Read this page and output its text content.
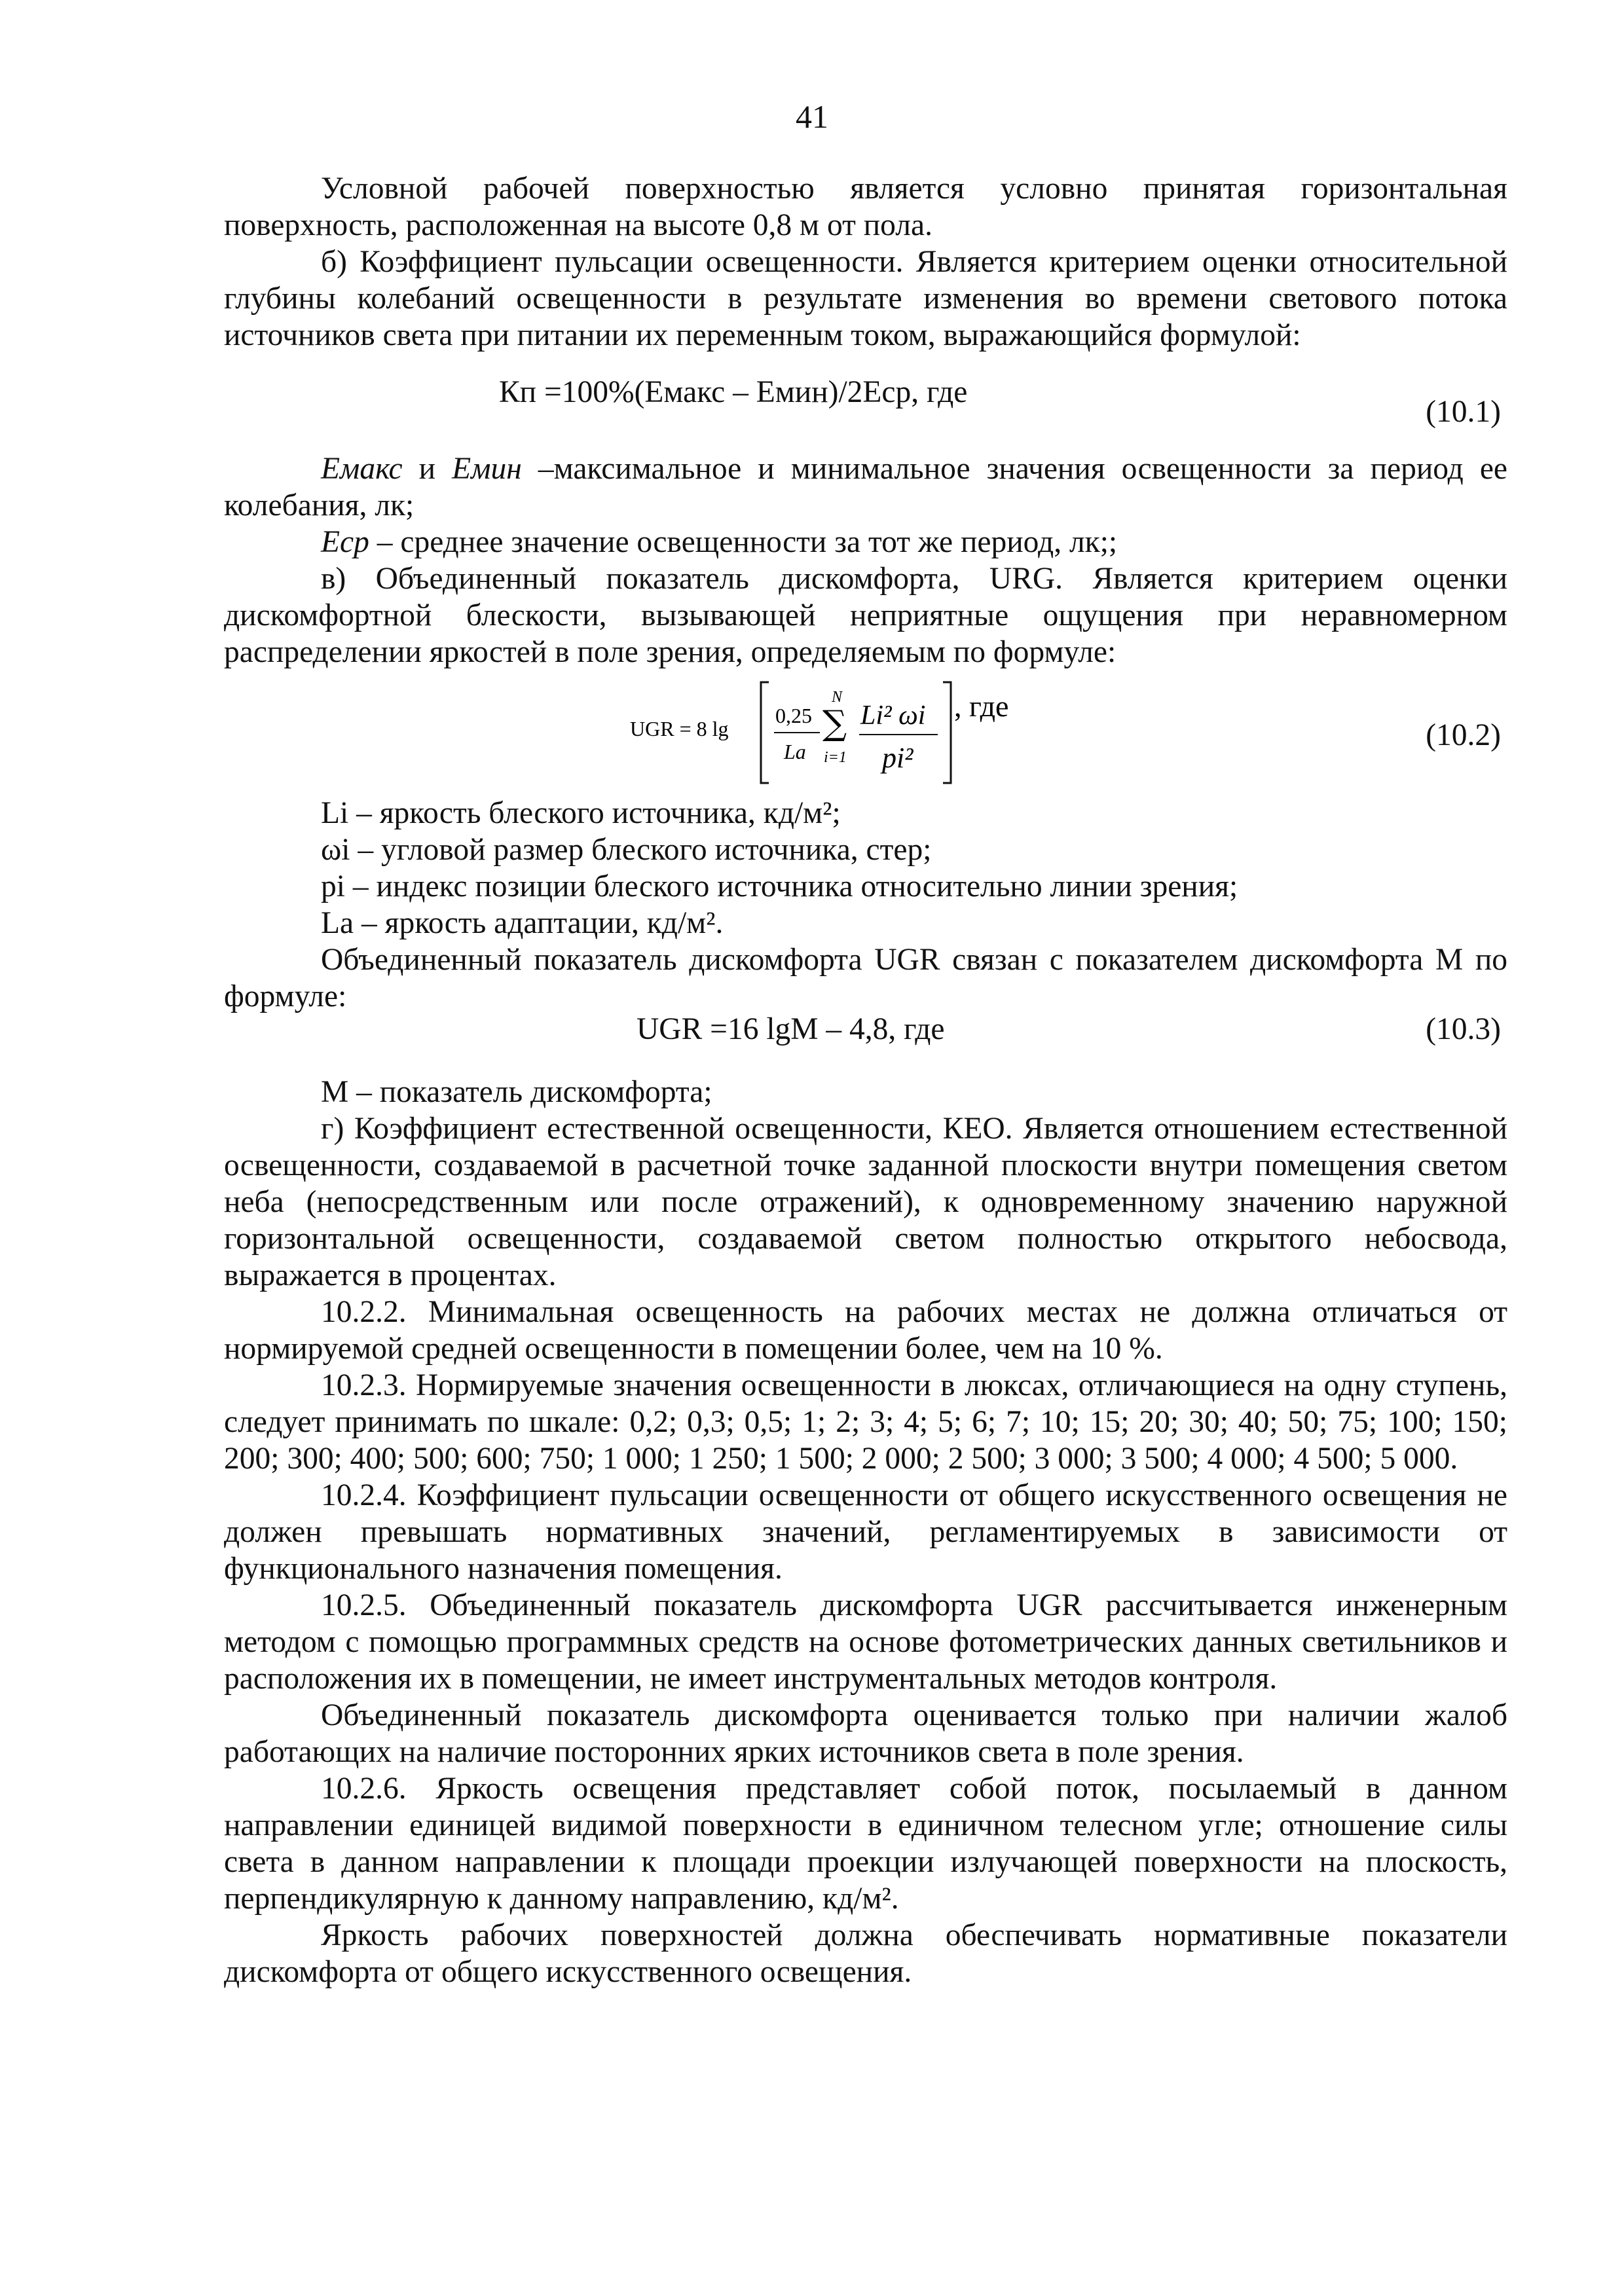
41

Условной рабочей поверхностью является условно принятая горизонтальная поверхность, расположенная на высоте 0,8 м от пола.

б) Коэффициент пульсации освещенности. Является критерием оценки относительной глубины колебаний освещенности в результате изменения во времени светового потока источников света при питании их переменным током, выражающийся формулой:

Кп =100%(Eмакс – Eмин)/2Eср, где
(10.1)

Eмакс и Eмин –максимальное и минимальное значения освещенности за период ее колебания, лк;

Eср – среднее значение освещенности за тот же период, лк;;

в) Объединенный показатель дискомфорта, URG. Является критерием оценки дискомфортной блескости, вызывающей неприятные ощущения при неравномерном распределении яркостей в поле зрения, определяемым по формуле:

UGR = 8 lg
0,25
La
N
∑
i=1
Li² ωi
pi²
, где
(10.2)
Li – яркость блеского источника, кд/м²;
ωi – угловой размер блеского источника, стер;
pi – индекс позиции блеского источника относительно линии зрения;
La – яркость адаптации, кд/м².

Объединенный показатель дискомфорта UGR связан с показателем дискомфорта M по формуле:

UGR =16 lgM – 4,8, где	(10.3)
M – показатель дискомфорта;

г) Коэффициент естественной освещенности, КЕО. Является отношением естественной освещенности, создаваемой в расчетной точке заданной плоскости внутри помещения светом неба (непосредственным или после отражений), к одновременному значению наружной горизонтальной освещенности, создаваемой светом полностью открытого небосвода, выражается в процентах.

10.2.2. Минимальная освещенность на рабочих местах не должна отличаться от нормируемой средней освещенности в помещении более, чем на 10 %.

10.2.3. Нормируемые значения освещенности в люксах, отличающиеся на одну ступень, следует принимать по шкале: 0,2; 0,3; 0,5; 1; 2; 3; 4; 5; 6; 7; 10; 15; 20; 30; 40; 50; 75; 100; 150; 200; 300; 400; 500; 600; 750; 1 000; 1 250; 1 500; 2 000; 2 500; 3 000; 3 500; 4 000; 4 500; 5 000.

10.2.4. Коэффициент пульсации освещенности от общего искусственного освещения не должен превышать нормативных значений, регламентируемых в зависимости от функционального назначения помещения.

10.2.5. Объединенный показатель дискомфорта UGR рассчитывается инженерным методом с помощью программных средств на основе фотометрических данных светильников и расположения их в помещении, не имеет инструментальных методов контроля.

Объединенный показатель дискомфорта оценивается только при наличии жалоб работающих на наличие посторонних ярких источников света в поле зрения.

10.2.6. Яркость освещения представляет собой поток, посылаемый в данном направлении единицей видимой поверхности в единичном телесном угле; отношение силы света в данном направлении к площади проекции излучающей поверхности на плоскость, перпендикулярную к данному направлению, кд/м².

Яркость рабочих поверхностей должна обеспечивать нормативные показатели дискомфорта от общего искусственного освещения.
